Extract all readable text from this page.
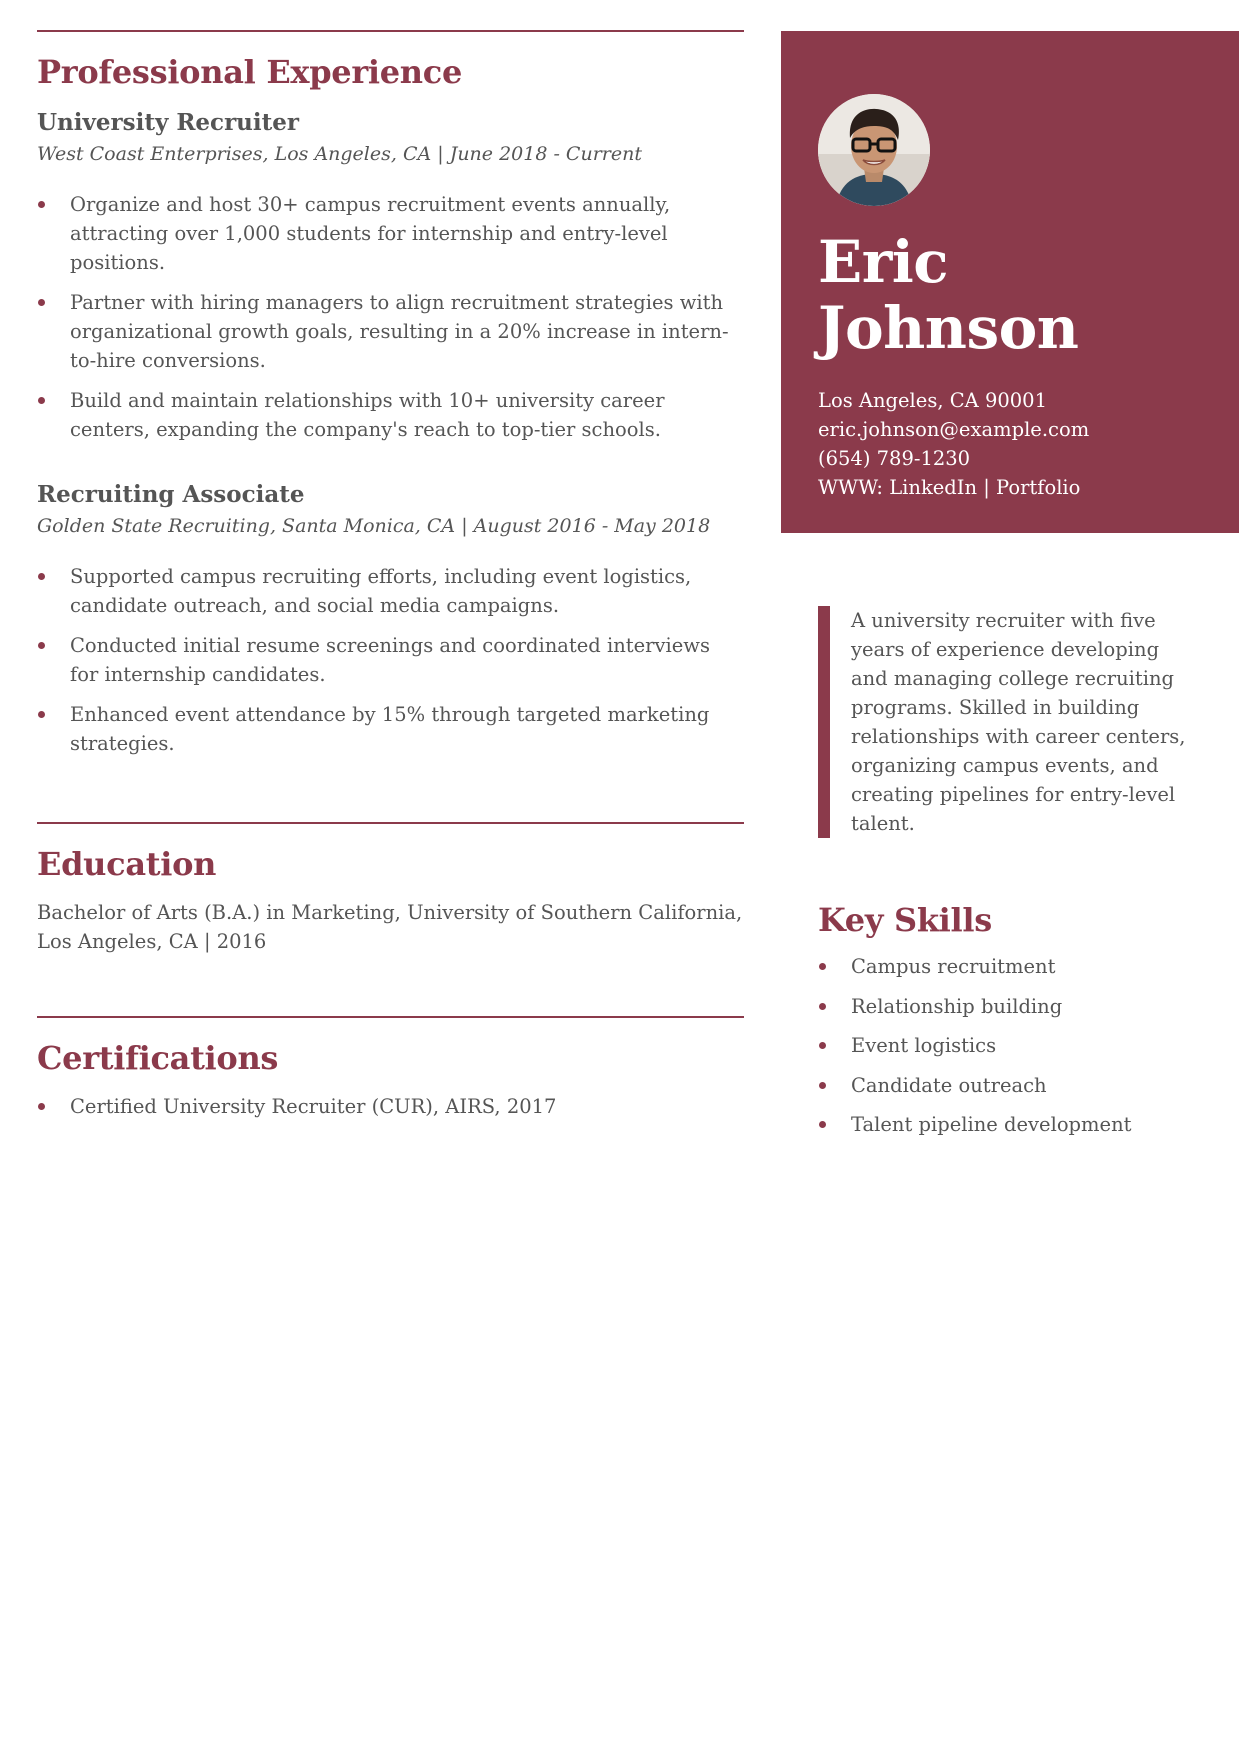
Professional Experience
University Recruiter
West Coast Enterprises, Los Angeles, CA | June 2018 - Current
Organize and host 30+ campus recruitment events annually, attracting over 1,000 students for internship and entry-level positions.
Partner with hiring managers to align recruitment strategies with organizational growth goals, resulting in a 20% increase in intern-to-hire conversions.
Build and maintain relationships with 10+ university career centers, expanding the company's reach to top-tier schools.
Recruiting Associate
Golden State Recruiting, Santa Monica, CA | August 2016 - May 2018
Supported campus recruiting efforts, including event logistics, candidate outreach, and social media campaigns.
Conducted initial resume screenings and coordinated interviews for internship candidates.
Enhanced event attendance by 15% through targeted marketing strategies.
Education

Bachelor of Arts (B.A.) in Marketing, University of Southern California, Los Angeles, CA | 2016

Certifications
Certified University Recruiter (CUR), AIRS, 2017
Eric
Johnson
Los Angeles, CA 90001
eric.johnson@example.com
(654) 789-1230
WWW: LinkedIn | Portfolio

A university recruiter with five years of experience developing and managing college recruiting programs. Skilled in building relationships with career centers, organizing campus events, and creating pipelines for entry-level talent.

Key Skills
Campus recruitment
Relationship building
Event logistics
Candidate outreach
Talent pipeline development
